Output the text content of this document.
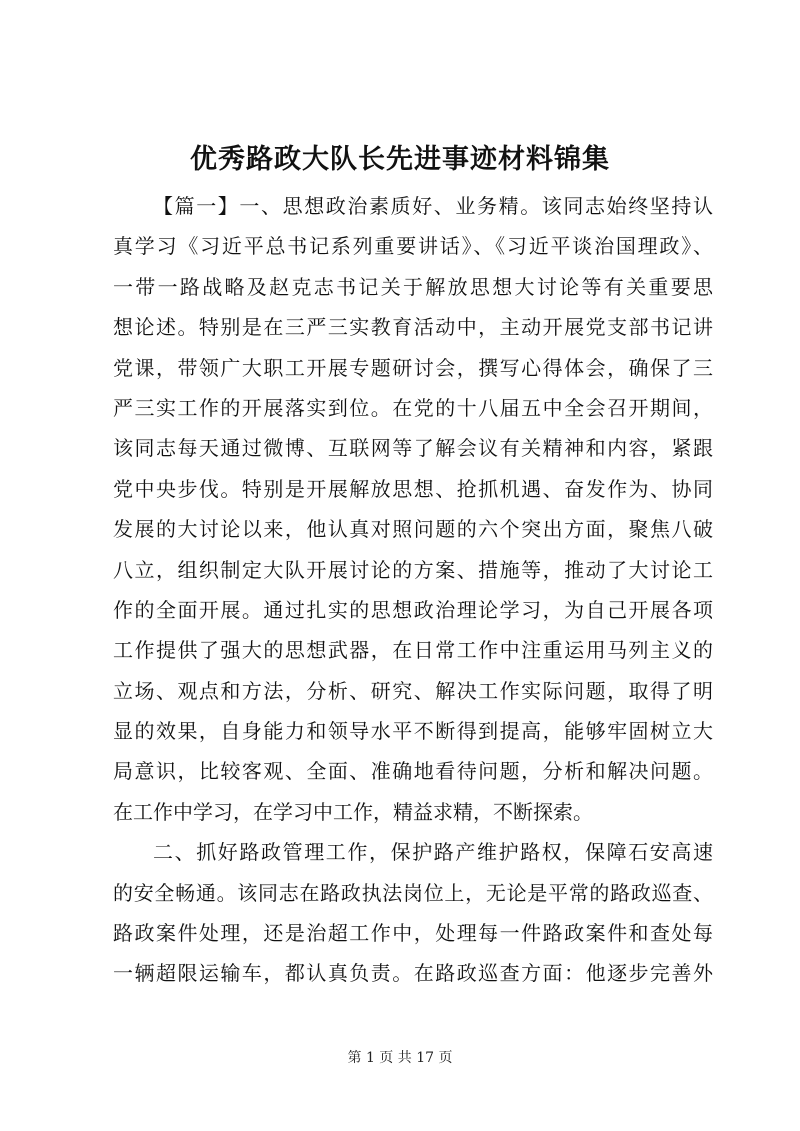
优秀路政大队长先进事迹材料锦集
【篇一】一、思想政治素质好、业务精。该同志始终坚持认
真学习《习近平总书记系列重要讲话》、《习近平谈治国理政》、
一带一路战略及赵克志书记关于解放思想大讨论等有关重要思
想论述。特别是在三严三实教育活动中，主动开展党支部书记讲
党课，带领广大职工开展专题研讨会，撰写心得体会，确保了三
严三实工作的开展落实到位。在党的十八届五中全会召开期间，
该同志每天通过微博、互联网等了解会议有关精神和内容，紧跟
党中央步伐。特别是开展解放思想、抢抓机遇、奋发作为、协同
发展的大讨论以来，他认真对照问题的六个突出方面，聚焦八破
八立，组织制定大队开展讨论的方案、措施等，推动了大讨论工
作的全面开展。通过扎实的思想政治理论学习，为自己开展各项
工作提供了强大的思想武器，在日常工作中注重运用马列主义的
立场、观点和方法，分析、研究、解决工作实际问题，取得了明
显的效果，自身能力和领导水平不断得到提高，能够牢固树立大
局意识，比较客观、全面、准确地看待问题，分析和解决问题。
在工作中学习，在学习中工作，精益求精，不断探索。
二、抓好路政管理工作，保护路产维护路权，保障石安高速
的安全畅通。该同志在路政执法岗位上，无论是平常的路政巡查、
路政案件处理，还是治超工作中，处理每一件路政案件和查处每
一辆超限运输车，都认真负责。在路政巡查方面：他逐步完善外
第 1 页 共 17 页
